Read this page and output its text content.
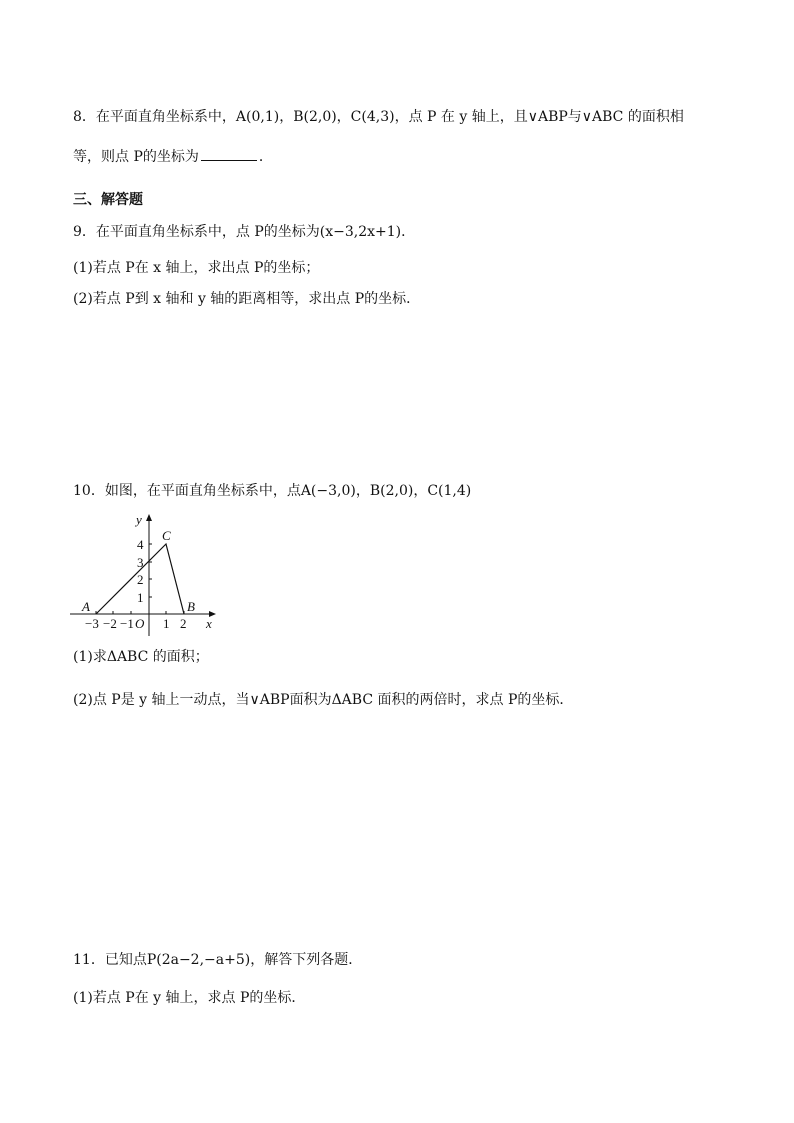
8．在平面直角坐标系中，A(0,1)，B(2,0)，C(4,3)，点 P 在 y 轴上，且∨ABP与∨ABC 的面积相
等，则点 P的坐标为	．
三、解答题
9．在平面直角坐标系中，点 P的坐标为(x−3,2x+1)．
(1)若点 P在 x 轴上，求出点 P的坐标；
(2)若点 P到 x 轴和 y 轴的距离相等，求出点 P的坐标．
10．如图，在平面直角坐标系中，点A(−3,0)，B(2,0)，C(1,4)
x
y
O
−3 −2 −1 1 2
1
2
3
4
A	B
C
(1)求ΔABC 的面积；
(2)点 P是 y 轴上一动点，当∨ABP面积为ΔABC 面积的两倍时，求点 P的坐标．
11．已知点P(2a−2,−a+5)，解答下列各题．
(1)若点 P在 y 轴上，求点 P的坐标．
